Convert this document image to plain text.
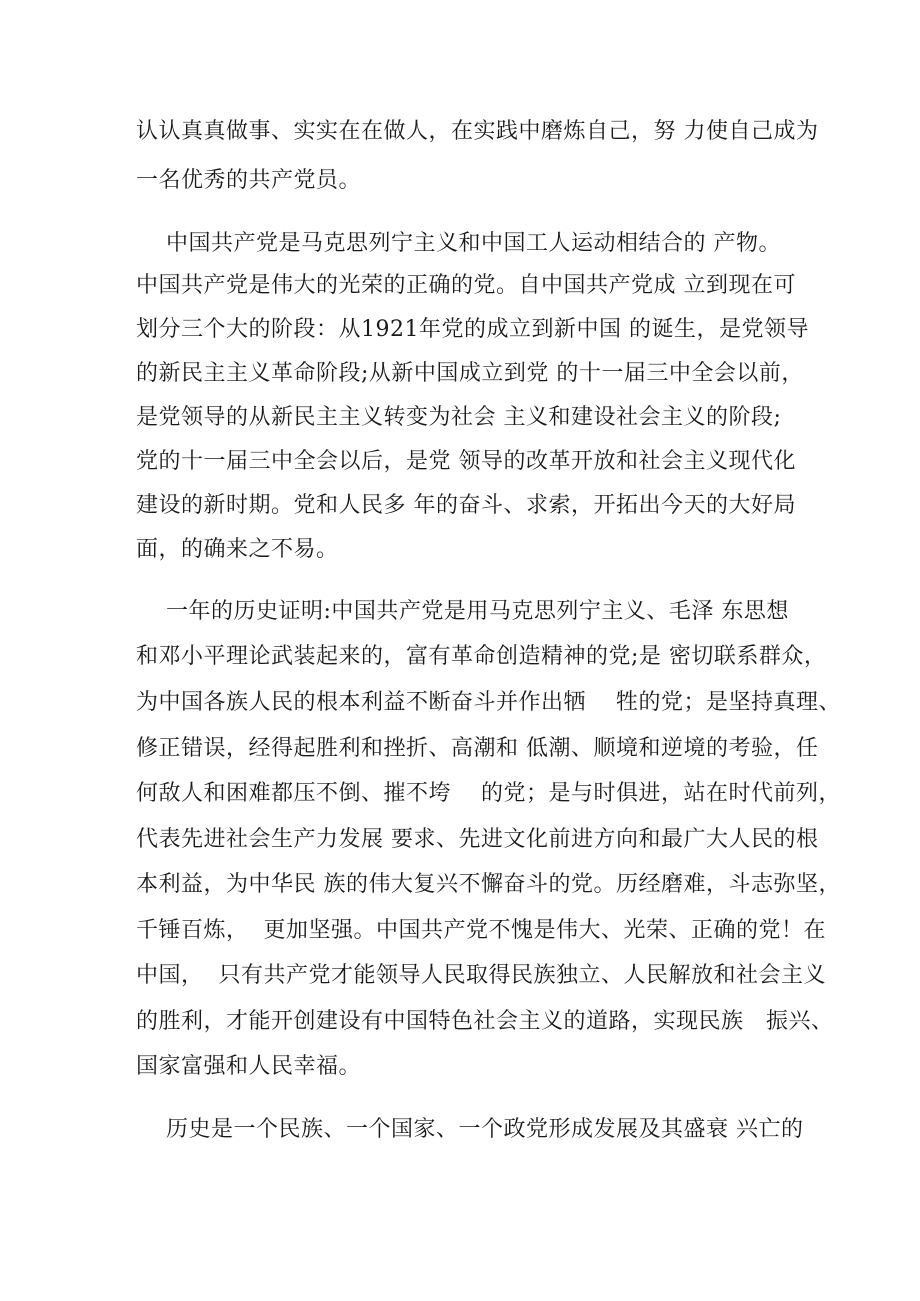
认认真真做事、实实在在做人，在实践中磨炼自己，努 力使自己成为
一名优秀的共产党员。
中国共产党是马克思列宁主义和中国工人运动相结合的 产物。
中国共产党是伟大的光荣的正确的党。自中国共产党成 立到现在可
划分三个大的阶段：从1921年党的成立到新中国 的诞生，是党领导
的新民主主义革命阶段;从新中国成立到党 的十一届三中全会以前，
是党领导的从新民主主义转变为社会 主义和建设社会主义的阶段;
党的十一届三中全会以后，是党 领导的改革开放和社会主义现代化
建设的新时期。党和人民多 年的奋斗、求索，开拓出今天的大好局
面，的确来之不易。
一年的历史证明:中国共产党是用马克思列宁主义、毛泽 东思想
和邓小平理论武装起来的，富有革命创造精神的党;是 密切联系群众，
为中国各族人民的根本利益不断奋斗并作出牺    牲的党；是坚持真理、
修正错误，经得起胜利和挫折、高潮和 低潮、顺境和逆境的考验，任
何敌人和困难都压不倒、摧不垮    的党；是与时俱进，站在时代前列，
代表先进社会生产力发展 要求、先进文化前进方向和最广大人民的根
本利益，为中华民 族的伟大复兴不懈奋斗的党。历经磨难，斗志弥坚，
千锤百炼，  更加坚强。中国共产党不愧是伟大、光荣、正确的党！在
中国，  只有共产党才能领导人民取得民族独立、人民解放和社会主义
的胜利，才能开创建设有中国特色社会主义的道路，实现民族   振兴、
国家富强和人民幸福。
历史是一个民族、一个国家、一个政党形成发展及其盛衰 兴亡的
